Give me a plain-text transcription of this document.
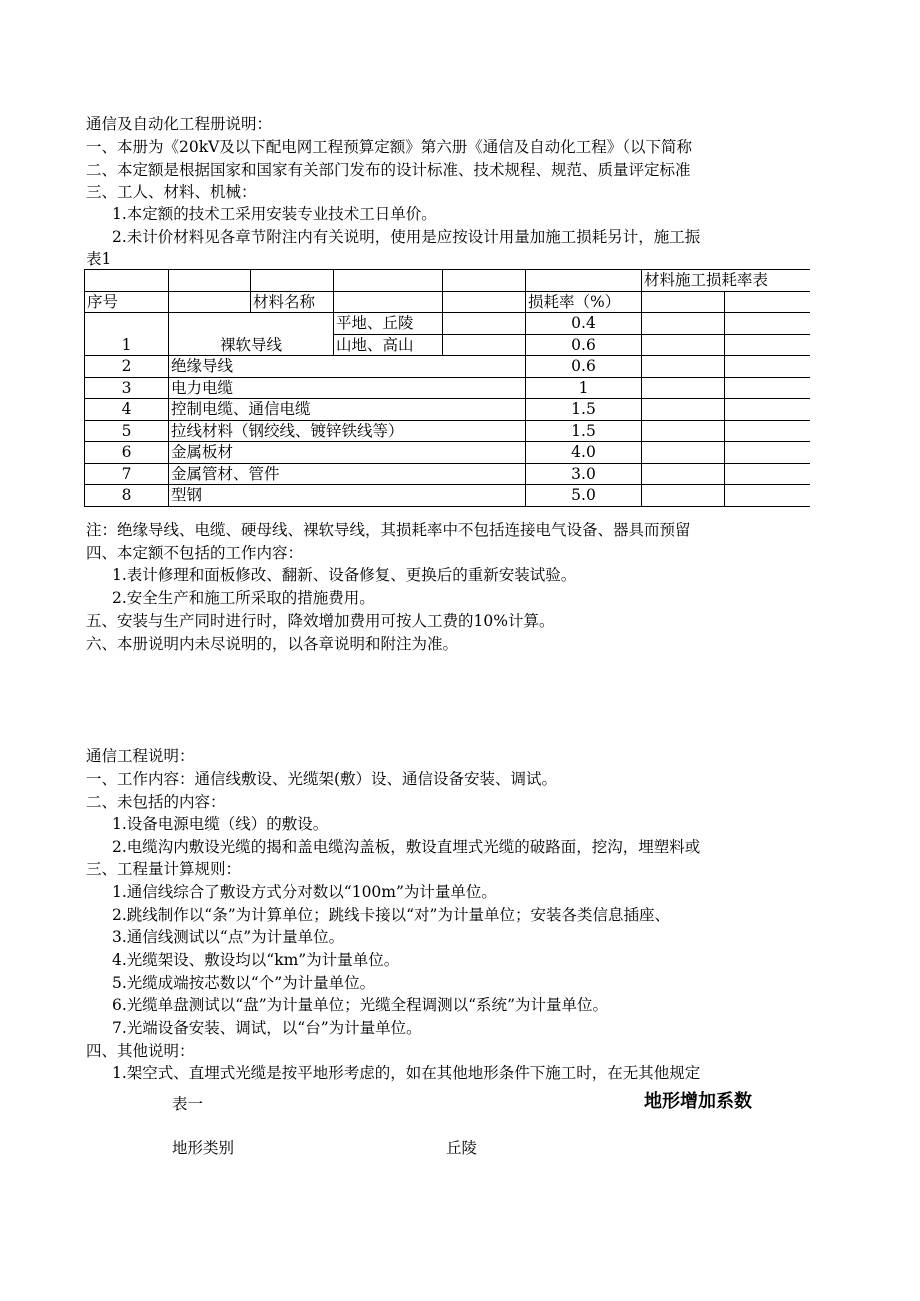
通信及自动化工程册说明：
一、本册为《20kV及以下配电网工程预算定额》第六册《通信及自动化工程》（以下简称
二、本定额是根据国家和国家有关部门发布的设计标准、技术规程、规范、质量评定标准
三、工人、材料、机械：
1.本定额的技术工采用安装专业技术工日单价。
2.未计价材料见各章节附注内有关说明，使用是应按设计用量加施工损耗另计，施工振
表1
						材料施工损耗率表	
序号		材料名称			损耗率（%）		
1	裸软导线		平地、丘陵		0.4		
			山地、高山		0.6		
2	绝缘导线				0.6		
3	电力电缆				1		
4	控制电缆、通信电缆				1.5		
5	拉线材料（钢绞线、镀锌铁线等）				1.5		
6	金属板材				4.0		
7	金属管材、管件				3.0		
8	型钢				5.0		
注：绝缘导线、电缆、硬母线、裸软导线，其损耗率中不包括连接电气设备、器具而预留
四、本定额不包括的工作内容：
1.表计修理和面板修改、翻新、设备修复、更换后的重新安装试验。
2.安全生产和施工所采取的措施费用。
五、安装与生产同时进行时，降效增加费用可按人工费的10%计算。
六、本册说明内未尽说明的，以各章说明和附注为准。
通信工程说明：
一、工作内容：通信线敷设、光缆架(敷）设、通信设备安装、调试。
二、未包括的内容：
1.设备电源电缆（线）的敷设。
2.电缆沟内敷设光缆的揭和盖电缆沟盖板，敷设直埋式光缆的破路面，挖沟，埋塑料或
三、工程量计算规则：
1.通信线综合了敷设方式分对数以“100m”为计量单位。
2.跳线制作以“条”为计算单位；跳线卡接以“对”为计量单位；安装各类信息插座、
3.通信线测试以“点”为计量单位。
4.光缆架设、敷设均以“km”为计量单位。
5.光缆成端按芯数以“个”为计量单位。
6.光缆单盘测试以“盘”为计量单位；光缆全程调测以“系统”为计量单位。
7.光端设备安装、调试，以“台”为计量单位。
四、其他说明：
1.架空式、直埋式光缆是按平地形考虑的，如在其他地形条件下施工时，在无其他规定
表一	地形增加系数
地形类别	丘陵
